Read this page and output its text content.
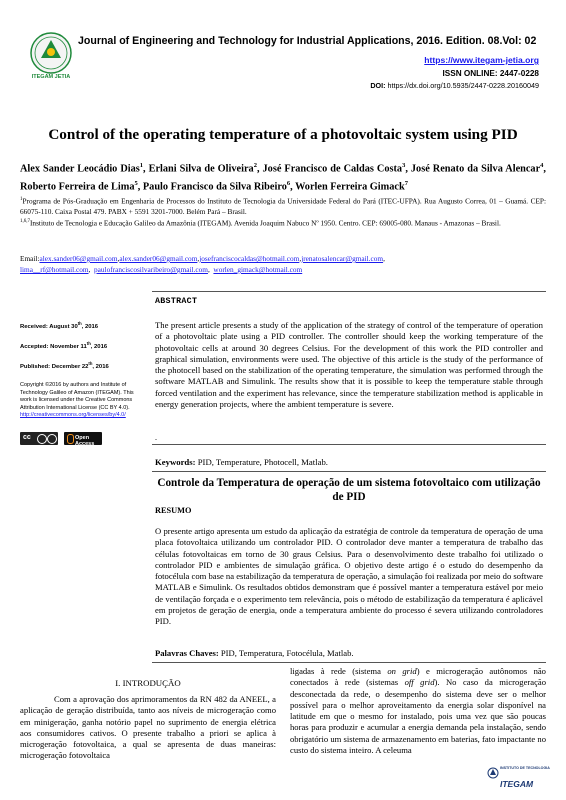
ITEGAM JETIA
Journal of Engineering and Technology for Industrial Applications, 2016. Edition. 08.Vol: 02
https://www.itegam-jetia.org
ISSN ONLINE: 2447-0228
DOI: https://dx.doi.org/10.5935/2447-0228.20160049
Control of the operating temperature of a photovoltaic system using PID
Alex Sander Leocádio Dias$^1$, Erlani Silva de Oliveira$^2$, José Francisco de Caldas Costa$^3$, José Renato da Silva Alencar$^4$, Roberto Ferreira de Lima$^5$, Paulo Francisco da Silva Ribeiro$^6$, Worlen Ferreira Gimack$^7$
$^1$Programa de Pós-Graduação em Engenharia de Processos do Instituto de Tecnologia da Universidade Federal do Pará (ITEC-UFPA). Rua Augusto Correa, 01 – Guamá. CEP: 66075-110. Caixa Postal 479. PABX + 5591 3201-7000. Belém Pará – Brasil.
$^{1,6,7}$Instituto de Tecnologia e Educação Galileo da Amazônia (ITEGAM). Avenida Joaquim Nabuco Nº 1950. Centro. CEP: 69005-080. Manaus - Amazonas – Brasil.
Email:alex.sander06@gmail.com,alex.sander06@gmail.com,josefranciscocaldas@hotmail.com,jrenatosalencar@gmail.com,
lima__rf@hotmail.com,  paulofranciscosilvaribeiro@gmail.com,  worlen_gimack@hotmail.com
Received: August 30th, 2016
Accepted: November 11th, 2016
Published: December 22th, 2016
Copyright ©2016 by authors and Institute of Technology Galileo of Amazon (ITEGAM). This work is licensed under the Creative Commons Attribution International License (CC BY 4.0).
http://creativecommons.org/licenses/by/4.0/
cc	Open Access
ABSTRACT
The present article presents a study of the application of the strategy of control of the temperature of operation of a photovoltaic plate using a PID controller. The controller should keep the working temperature of the photovoltaic cells at around 30 degrees Celsius. For the development of this work the PID controller and graphical simulation, environments were used. The objective of this article is the study of the performance of the photocell based on the stabilization of the operating temperature, the simulation was performed through the software MATLAB and Simulink. The results show that it is possible to keep the temperature stable through forced ventilation and the experiment has relevance, since the temperature stabilization method is applicable in energy generation projects, where the ambient temperature is severe.
.
Keywords: PID, Temperature, Photocell, Matlab.
Controle da Temperatura de operação de um sistema fotovoltaico com utilização de PID
RESUMO
O presente artigo apresenta um estudo da aplicação da estratégia de controle da temperatura de operação de uma placa fotovoltaica utilizando um controlador PID. O controlador deve manter a temperatura de trabalho das células fotovoltaicas em torno de 30 graus Celsius. Para o desenvolvimento deste trabalho foi utilizado o controlador PID e ambientes de simulação gráfica. O objetivo deste artigo é o estudo do desempenho da fotocélula com base na estabilização da temperatura de operação, a simulação foi realizada por meio do software MATLAB e Simulink. Os resultados obtidos demonstram que é possível manter a temperatura estável por meio de ventilação forçada e o experimento tem relevância, pois o método de estabilização da temperatura é aplicável em projetos de geração de energia, onde a temperatura ambiente do processo é severa utilizando controladores PID.
Palavras Chaves: PID, Temperatura, Fotocélula, Matlab.
I. INTRODUÇÃO
Com a aprovação dos aprimoramentos da RN 482 da ANEEL, a aplicação de geração distribuída, tanto aos níveis de microgeração como em minigeração, ganha notório papel no suprimento de energia elétrica aos consumidores cativos. O presente trabalho a priori se aplica à microgeração fotovoltaica, a qual se apresenta de duas maneiras: microgeração fotovoltaica
ligadas à rede (sistema on grid) e microgeração autônomos não conectados à rede (sistemas off grid). No caso da microgeração desconectada da rede, o desempenho do sistema deve ser o melhor possível para o melhor aproveitamento da energia solar disponível na latitude em que o mesmo for instalado, pois uma vez que são poucas horas para produzir e acumular a energia demanda pela instalação, sendo obrigatório um sistema de armazenamento em baterias, fato impactante no custo do sistema inteiro. A celeuma
INSTITUTO DE TECNOLOGIA
ITEGAM
